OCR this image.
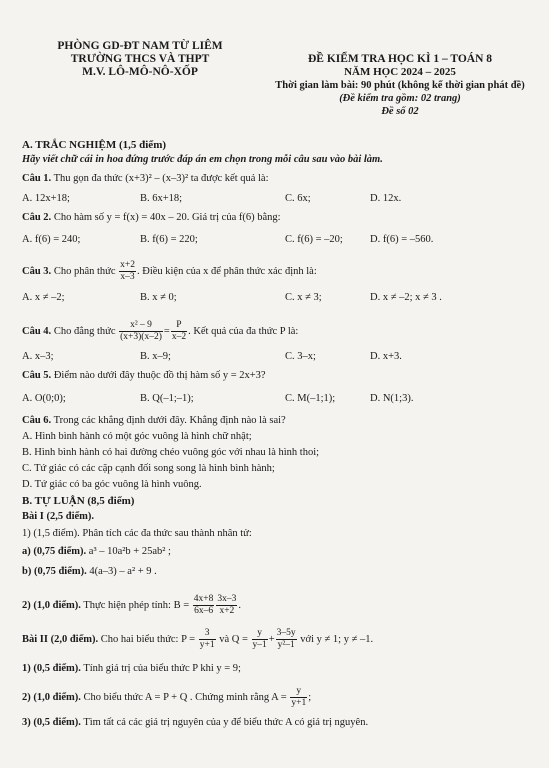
PHÒNG GD-ĐT NAM TỪ LIÊM
TRƯỜNG THCS VÀ THPT
M.V. LÔ-MÔ-NÔ-XỐP
ĐỀ KIỂM TRA HỌC KÌ 1 – TOÁN 8
NĂM HỌC 2024 – 2025
Thời gian làm bài: 90 phút (không kể thời gian phát đề)
(Đề kiểm tra gồm: 02 trang)
Đề số 02
A. TRẮC NGHIỆM (1,5 điểm)
Hãy viết chữ cái in hoa đứng trước đáp án em chọn trong mỗi câu sau vào bài làm.
Câu 1. Thu gọn đa thức (x+3)² – (x–3)² ta được kết quả là:
A. 12x+18;	B. 6x+18;	C. 6x;	D. 12x.
Câu 2. Cho hàm số y = f(x) = 40x – 20. Giá trị của f(6) bằng:
A. f(6) = 240;	B. f(6) = 220;	C. f(6) = –20;	D. f(6) = –560.
Câu 3. Cho phân thức $\frac{x+2}{x-3}$ . Điều kiện của x để phân thức xác định là:
A. x ≠ –2;	B. x ≠ 0;	C. x ≠ 3;	D. x ≠ –2; x ≠ 3 .
Câu 4. Cho đẳng thức $\frac{\text{x² – 9}}{(x+3)(x-2)} = \frac{P}{x-2}$ . Kết quả của đa thức P là:
A. x–3;	B. x–9;	C. 3–x;	D. x+3.
Câu 5. Điểm nào dưới đây thuộc đồ thị hàm số y = 2x+3?
A. O(0;0);	B. Q(–1;–1);	C. M(–1;1);	D. N(1;3).
Câu 6. Trong các khẳng định dưới đây. Khẳng định nào là sai?
A. Hình bình hành có một góc vuông là hình chữ nhật;
B. Hình bình hành có hai đường chéo vuông góc với nhau là hình thoi;
C. Tứ giác có các cặp cạnh đối song song là hình bình hành;
D. Tứ giác có ba góc vuông là hình vuông.
B. TỰ LUẬN (8,5 điểm)
Bài I (2,5 điểm).
1) (1,5 điểm). Phân tích các đa thức sau thành nhân tử:
a) (0,75 điểm). a³ – 10a²b + 25ab² ;
b) (0,75 điểm). 4(a–3) – a² + 9 .
2) (1,0 điểm). Thực hiện phép tính: $B = \frac{4x+8}{6x-6} \frac{3x-3}{x+2}$ .
Bài II (2,0 điểm). Cho hai biểu thức: $P = \frac{3}{y+1}$ và $Q = \frac{y}{y-1} + \frac{3-5y}{\text{y²–1}}$ với y ≠ 1; y ≠ –1.
1) (0,5 điểm). Tính giá trị của biểu thức P khi y = 9;
2) (1,0 điểm). Cho biểu thức A = P + Q . Chứng minh rằng $A = \frac{y}{y+1}$ ;
3) (0,5 điểm). Tìm tất cả các giá trị nguyên của y để biểu thức A có giá trị nguyên.
